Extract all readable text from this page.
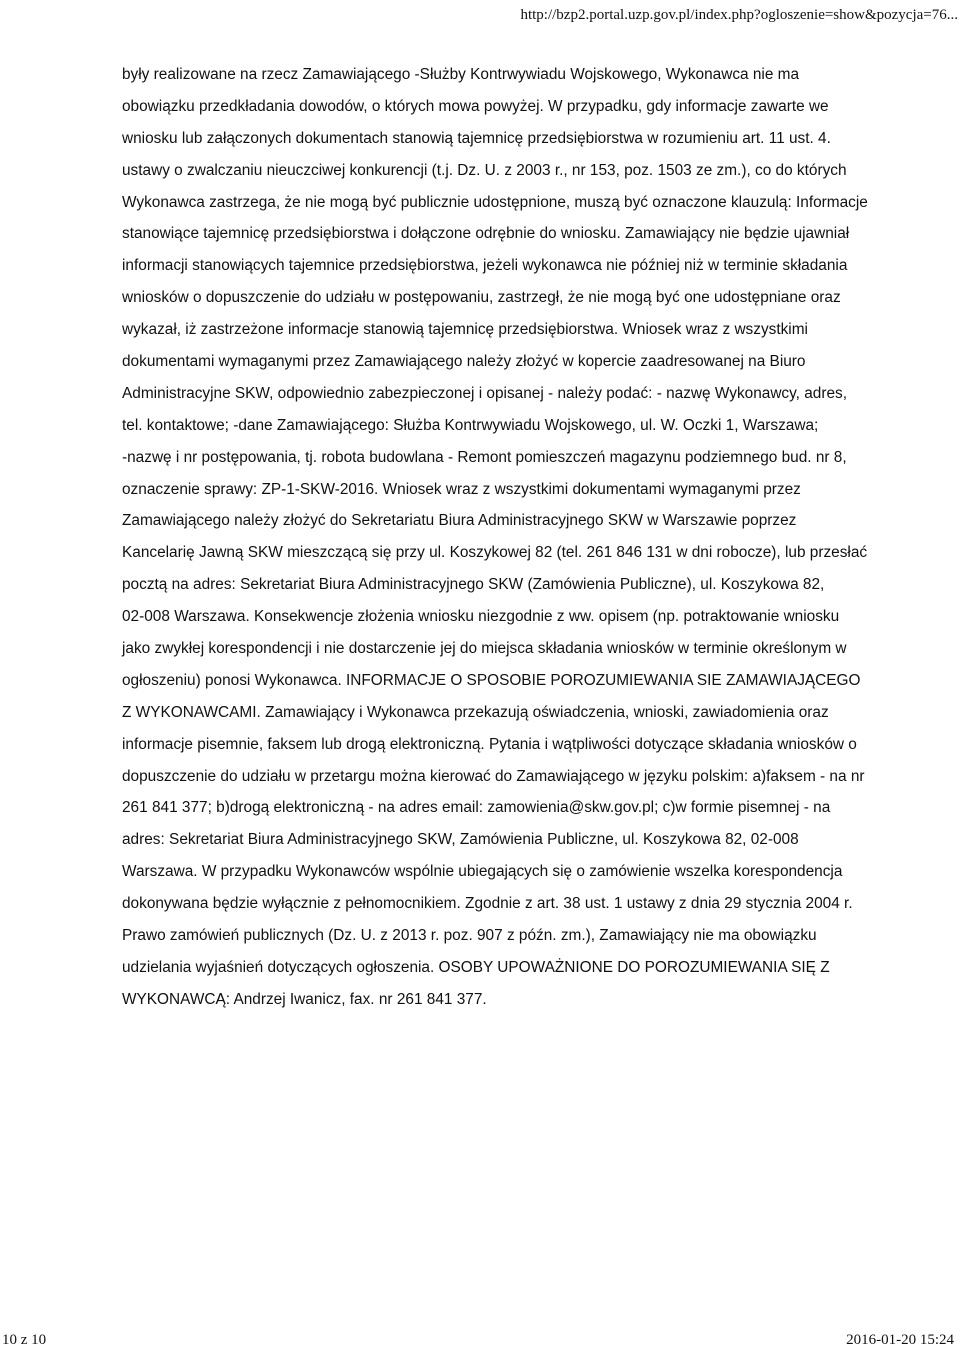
http://bzp2.portal.uzp.gov.pl/index.php?ogloszenie=show&pozycja=76...
były realizowane na rzecz Zamawiającego -Służby Kontrwywiadu Wojskowego, Wykonawca nie ma
obowiązku przedkładania dowodów, o których mowa powyżej. W przypadku, gdy informacje zawarte we
wniosku lub załączonych dokumentach stanowią tajemnicę przedsiębiorstwa w rozumieniu art. 11 ust. 4.
ustawy o zwalczaniu nieuczciwej konkurencji (t.j. Dz. U. z 2003 r., nr 153, poz. 1503 ze zm.), co do których
Wykonawca zastrzega, że nie mogą być publicznie udostępnione, muszą być oznaczone klauzulą: Informacje
stanowiące tajemnicę przedsiębiorstwa i dołączone odrębnie do wniosku. Zamawiający nie będzie ujawniał
informacji stanowiących tajemnice przedsiębiorstwa, jeżeli wykonawca nie później niż w terminie składania
wniosków o dopuszczenie do udziału w postępowaniu, zastrzegł, że nie mogą być one udostępniane oraz
wykazał, iż zastrzeżone informacje stanowią tajemnicę przedsiębiorstwa. Wniosek wraz z wszystkimi
dokumentami wymaganymi przez Zamawiającego należy złożyć w kopercie zaadresowanej na Biuro
Administracyjne SKW, odpowiednio zabezpieczonej i opisanej - należy podać: - nazwę Wykonawcy, adres,
tel. kontaktowe; -dane Zamawiającego: Służba Kontrwywiadu Wojskowego, ul. W. Oczki 1, Warszawa;
-nazwę i nr postępowania, tj. robota budowlana - Remont pomieszczeń magazynu podziemnego bud. nr 8,
oznaczenie sprawy: ZP-1-SKW-2016. Wniosek wraz z wszystkimi dokumentami wymaganymi przez
Zamawiającego należy złożyć do Sekretariatu Biura Administracyjnego SKW w Warszawie poprzez
Kancelarię Jawną SKW mieszczącą się przy ul. Koszykowej 82 (tel. 261 846 131 w dni robocze), lub przesłać
pocztą na adres: Sekretariat Biura Administracyjnego SKW (Zamówienia Publiczne), ul. Koszykowa 82,
02-008 Warszawa. Konsekwencje złożenia wniosku niezgodnie z ww. opisem (np. potraktowanie wniosku
jako zwykłej korespondencji i nie dostarczenie jej do miejsca składania wniosków w terminie określonym w
ogłoszeniu) ponosi Wykonawca. INFORMACJE O SPOSOBIE POROZUMIEWANIA SIE ZAMAWIAJĄCEGO
Z WYKONAWCAMI. Zamawiający i Wykonawca przekazują oświadczenia, wnioski, zawiadomienia oraz
informacje pisemnie, faksem lub drogą elektroniczną. Pytania i wątpliwości dotyczące składania wniosków o
dopuszczenie do udziału w przetargu można kierować do Zamawiającego w języku polskim: a)faksem - na nr
261 841 377; b)drogą elektroniczną - na adres email: zamowienia@skw.gov.pl; c)w formie pisemnej - na
adres: Sekretariat Biura Administracyjnego SKW, Zamówienia Publiczne, ul. Koszykowa 82, 02-008
Warszawa. W przypadku Wykonawców wspólnie ubiegających się o zamówienie wszelka korespondencja
dokonywana będzie wyłącznie z pełnomocnikiem. Zgodnie z art. 38 ust. 1 ustawy z dnia 29 stycznia 2004 r.
Prawo zamówień publicznych (Dz. U. z 2013 r. poz. 907 z późn. zm.), Zamawiający nie ma obowiązku
udzielania wyjaśnień dotyczących ogłoszenia. OSOBY UPOWAŻNIONE DO POROZUMIEWANIA SIĘ Z
WYKONAWCĄ: Andrzej Iwanicz, fax. nr 261 841 377.
10 z 10	2016-01-20 15:24
